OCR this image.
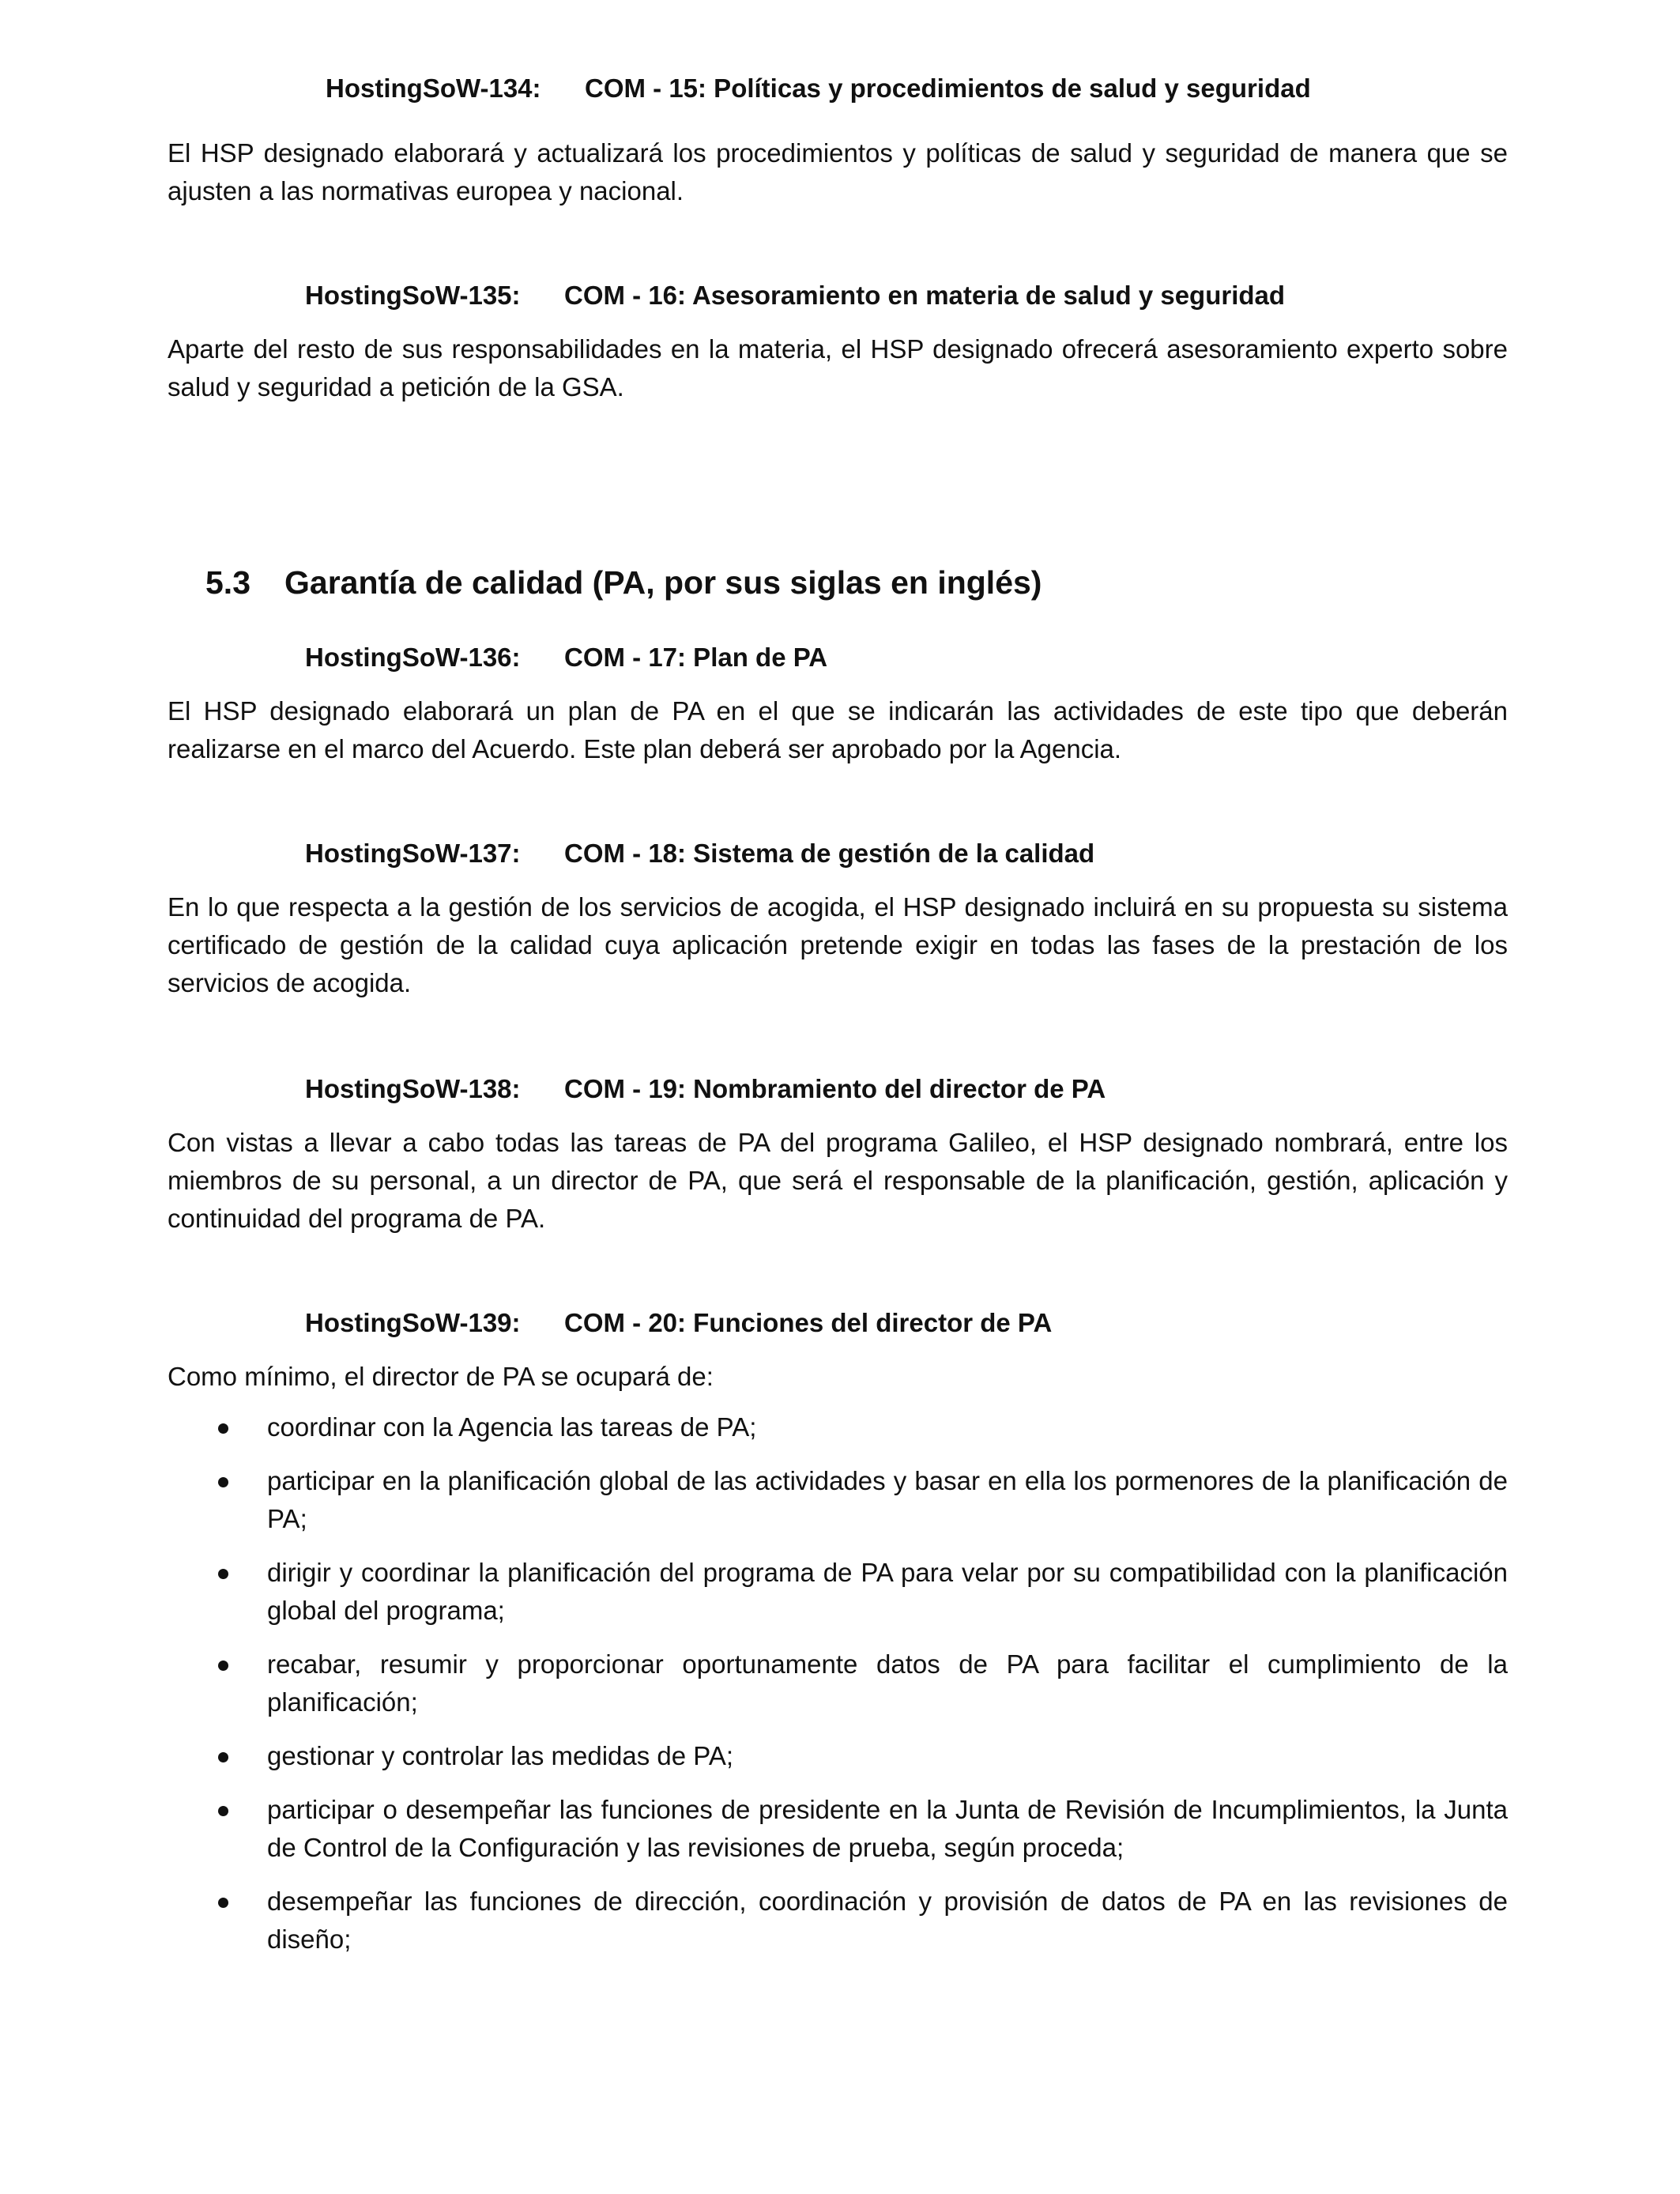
HostingSoW-134: COM - 15: Políticas y procedimientos de salud y seguridad

El HSP designado elaborará y actualizará los procedimientos y políticas de salud y seguridad de manera que se ajusten a las normativas europea y nacional.

HostingSoW-135: COM - 16: Asesoramiento en materia de salud y seguridad

Aparte del resto de sus responsabilidades en la materia, el HSP designado ofrecerá asesoramiento experto sobre salud y seguridad a petición de la GSA.

5.3 Garantía de calidad (PA, por sus siglas en inglés)
HostingSoW-136: COM - 17: Plan de PA

El HSP designado elaborará un plan de PA en el que se indicarán las actividades de este tipo que deberán realizarse en el marco del Acuerdo. Este plan deberá ser aprobado por la Agencia.

HostingSoW-137: COM - 18: Sistema de gestión de la calidad

En lo que respecta a la gestión de los servicios de acogida, el HSP designado incluirá en su propuesta su sistema certificado de gestión de la calidad cuya aplicación pretende exigir en todas las fases de la prestación de los servicios de acogida.

HostingSoW-138: COM - 19: Nombramiento del director de PA

Con vistas a llevar a cabo todas las tareas de PA del programa Galileo, el HSP designado nombrará, entre los miembros de su personal, a un director de PA, que será el responsable de la planificación, gestión, aplicación y continuidad del programa de PA.

HostingSoW-139: COM - 20: Funciones del director de PA

Como mínimo, el director de PA se ocupará de:

coordinar con la Agencia las tareas de PA;
participar en la planificación global de las actividades y basar en ella los pormenores de la planificación de PA;
dirigir y coordinar la planificación del programa de PA para velar por su compatibilidad con la planificación global del programa;
recabar, resumir y proporcionar oportunamente datos de PA para facilitar el cumplimiento de la planificación;
gestionar y controlar las medidas de PA;
participar o desempeñar las funciones de presidente en la Junta de Revisión de Incumplimientos, la Junta de Control de la Configuración y las revisiones de prueba, según proceda;
desempeñar las funciones de dirección, coordinación y provisión de datos de PA en las revisiones de diseño;
